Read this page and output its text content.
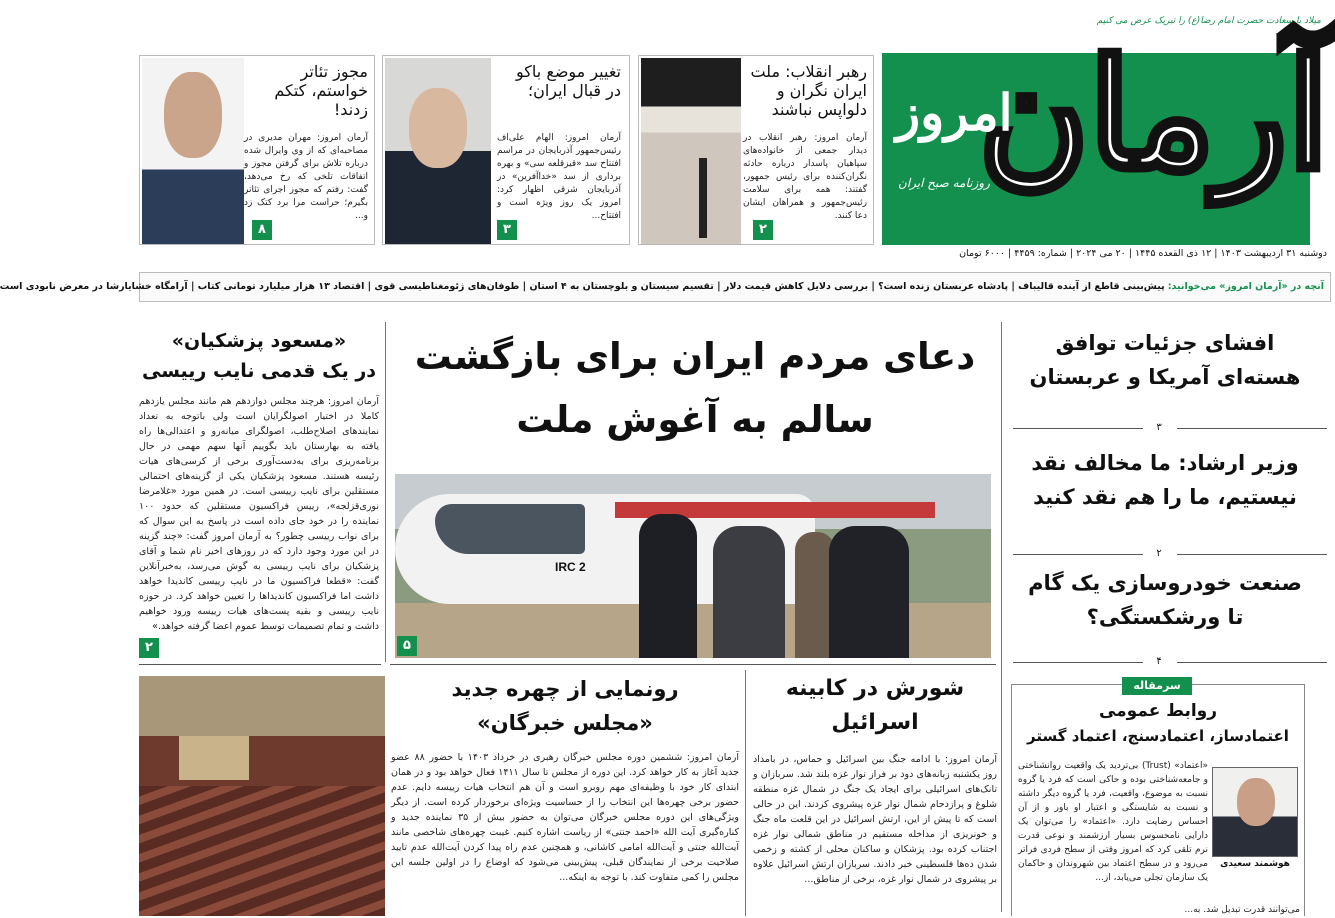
میلاد با سعادت حضرت امام رضا(ع) را تبریک عرض می کنیم
آرمان
امروز
روزنامه صبح ایران
دوشنبه ۳۱ اردیبهشت ۱۴۰۳ | ۱۲ ذی القعده ۱۴۴۵ | ۲۰ می ۲۰۲۴ | شماره: ۴۴۵۹ | ۶۰۰۰ تومان
رهبر انقلاب: ملت ایران نگران و دلواپس نباشند
آرمان امروز: رهبر انقلاب در دیدار جمعی از خانواده‌های سپاهیان پاسدار درباره حادثه نگران‌کننده برای رئیس جمهور، گفتند: همه برای سلامت رئیس‌جمهور و همراهان ایشان دعا کنند.
۲
تغییر موضع باکو در قبال ایران؛
آرمان امروز: الهام علی‌اف رئیس‌جمهور آذربایجان در مراسم افتتاح سد «قیزقلعه سی» و بهره برداری از سد «خداآفرین» در آذربایجان شرقی اظهار کرد: امروز یک روز ویژه است و افتتاح...
۳
مجوز تئاتر خواستم، کتکم زدند!
آرمان امروز: مهران مدیری در مصاحبه‌ای که از وی وایرال شده درباره تلاش برای گرفتن مجوز و اتفاقات تلخی که رخ می‌دهد، گفت: رفتم که مجوز اجرای تئاتر بگیرم؛ حراست مرا برد کتک زد و...
۸
آنچه در «آرمان امروز» می‌خوانید: پیش‌بینی قاطع از آینده قالیباف | پادشاه عربستان زنده است؟ | بررسی دلایل کاهش قیمت دلار | تقسیم سیستان و بلوچستان به ۴ استان | طوفان‌های ژئومغناطیسی قوی | اقتصاد ۱۳ هزار میلیارد تومانی کتاب | آرامگاه خشایارشا در معرض نابودی است
افشای جزئیات توافق هسته‌ای آمریکا و عربستان
۳
وزیر ارشاد: ما مخالف نقد نیستیم، ما را هم نقد کنید
۲
صنعت خودروسازی یک گام تا ورشکستگی؟
۴
سرمقاله
روابط عمومی
اعتمادساز، اعتمادسنج، اعتماد گستر
هوشمند سعیدی
«اعتماد» (Trust) بی‌تردید یک واقعیت روانشناختی و جامعه‌شناختی بوده و حاکی است که فرد یا گروه نسبت به موضوع، واقعیت، فرد یا گروه دیگر داشته و نسبت به شایستگی و اعتبار او باور و از آن احساس رضایت دارد. «اعتماد» را می‌توان یک دارایی نامحسوس بسیار ارزشمند و نوعی قدرت نرم تلقی کرد که امروز وقتی از سطح فردی فراتر می‌رود و در سطح اعتماد بین شهروندان و حاکمان یک سازمان تجلی می‌یابد، از...
می‌توانند قدرت تبدیل شد. به...
دعای مردم ایران برای بازگشت
سالم به آغوش ملت
IRC 2
۵
«مسعود پزشکیان»
در یک قدمی نایب رییسی
آرمان امروز: هرچند مجلس دوازدهم هم مانند مجلس یازدهم کاملا در اختیار اصولگرایان است ولی باتوجه به تعداد نمایندهای اصلاح‌طلب، اصولگرای میانه‌رو و اعتدالی‌ها راه یافته به بهارستان باید بگوییم آنها سهم مهمی در حال برنامه‌ریزی برای به‌دست‌آوری برخی از کرسی‌های هیات رئیسه هستند. مسعود پزشکیان یکی از گزینه‌های احتمالی مستقلین برای نایب رییسی است. در همین مورد «غلامرضا نوری‌قزلجه»، رییس فراکسیون مستقلین که حدود ۱۰۰ نماینده را در خود جای داده است در پاسخ به این سوال که برای نواب رییسی چطور؟ به آرمان امروز گفت: «چند گزینه در این مورد وجود دارد که در روزهای اخیر نام شما و آقای پزشکیان برای نایب رییسی به گوش می‌رسد، به‌خبرآنلاین گفت: «قطعا فراکسیون ما در نایب رییسی کاندیدا خواهد داشت اما فراکسیون کاندیداها را تعیین خواهد کرد. در حوزه نایب رییسی و بقیه پست‌های هیات رییسه ورود خواهیم داشت و تمام تصمیمات توسط عموم اعضا گرفته خواهد.»
۲
شورش در کابینه
اسرائیل
آرمان امروز: با ادامه جنگ بین اسرائیل و حماس، در بامداد روز یکشنبه زبانه‌های دود بر فراز نوار غزه بلند شد. سربازان و تانک‌های اسرائیلی برای ایجاد یک جنگ در شمال غزه منطقه شلوغ و پرازدحام شمال نوار غزه پیشروی کردند. این در حالی است که تا پیش از این، ارتش اسرائیل در این قلعت ماه جنگ و خونریزی از مداخله مستقیم در مناطق شمالی نوار غزه اجتناب کرده بود. پزشکان و ساکنان محلی از کشته و زخمی شدن ده‌ها فلسطینی خبر دادند. سربازان ارتش اسرائیل علاوه بر پیشروی در شمال نوار غزه، برخی از مناطق...
رونمایی از چهره جدید
«مجلس خبرگان»
آرمان امروز: ششمین دوره مجلس خبرگان رهبری در خرداد ۱۴۰۳ با حضور ۸۸ عضو جدید آغاز به کار خواهد کرد. این دوره از مجلس تا سال ۱۴۱۱ فعال خواهد بود و در همان ابتدای کار خود با وظیفه‌ای مهم روبرو است و آن هم انتخاب هیات رییسه دایم. عدم حضور برخی چهره‌ها این انتخاب را از حساسیت ویژه‌ای برخوردار کرده است. از دیگر ویژگی‌های این دوره مجلس خبرگان می‌توان به حضور بیش از ۳۵ نماینده جدید و کناره‌گیری آیت الله «احمد جنتی» از ریاست اشاره کنیم. غیبت چهره‌های شاخصی مانند آیت‌الله جنتی و آیت‌الله امامی کاشانی، و همچنین عدم راه پیدا کردن آیت‌الله عدم تایید صلاحیت برخی از نمایندگان قبلی، پیش‌بینی می‌شود که اوضاع را در اولین جلسه این مجلس را کمی متفاوت کند. با توجه به اینکه...
